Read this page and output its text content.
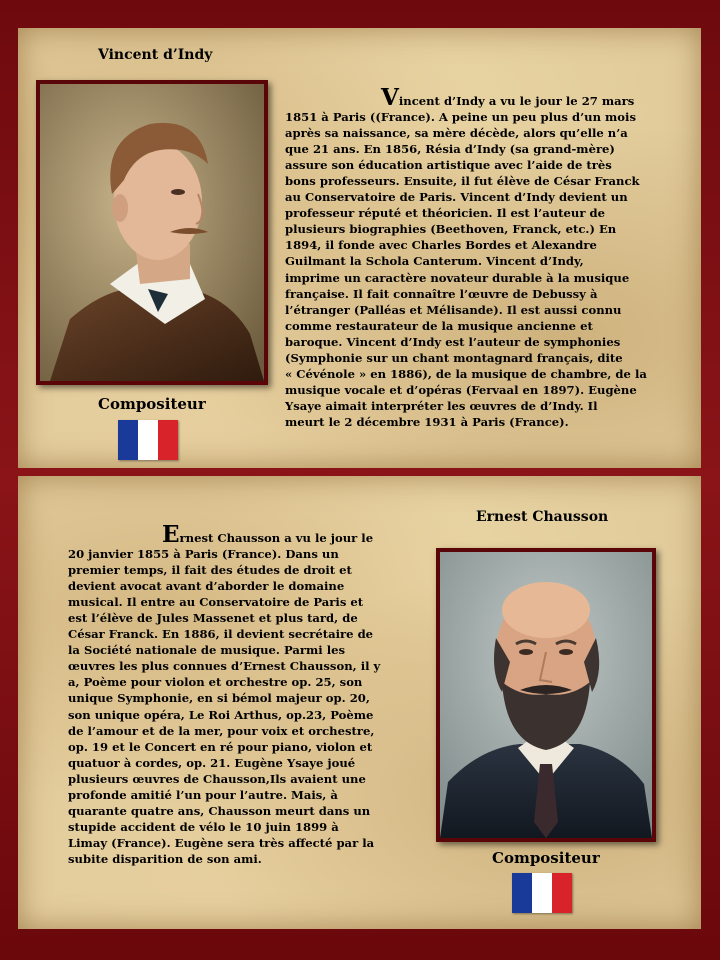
Vincent d’Indy
Compositeur
Vincent d’Indy a vu le jour le 27 mars
1851 à Paris ((France). A peine un peu plus d’un mois
après sa naissance, sa mère décède, alors qu’elle n’a
que 21 ans. En 1856, Résia d’Indy (sa grand-mère)
assure son éducation artistique avec l’aide de très
bons professeurs. Ensuite, il fut élève de César Franck
au Conservatoire de Paris. Vincent d’Indy devient un
professeur réputé et théoricien. Il est l’auteur de
plusieurs biographies (Beethoven, Franck, etc.) En
1894, il fonde avec Charles Bordes et Alexandre
Guilmant la Schola Canterum. Vincent d’Indy,
imprime un caractère novateur durable à la musique
française. Il fait connaître l’œuvre de Debussy à
l’étranger (Palléas et Mélisande). Il est aussi connu
comme restaurateur de la musique ancienne et
baroque. Vincent d’Indy est l’auteur de symphonies
(Symphonie sur un chant montagnard français, dite
« Cévénole » en 1886), de la musique de chambre, de la
musique vocale et d’opéras (Fervaal en 1897). Eugène
Ysaye aimait interpréter les œuvres de d’Indy. Il
meurt le 2 décembre 1931 à Paris (France).
Ernest Chausson
Ernest Chausson a vu le jour le
20 janvier 1855 à Paris (France). Dans un
premier temps, il fait des études de droit et
devient avocat avant d’aborder le domaine
musical. Il entre au Conservatoire de Paris et
est l’élève de Jules Massenet et plus tard, de
César Franck. En 1886, il devient secrétaire de
la Société nationale de musique. Parmi les
œuvres les plus connues d’Ernest Chausson, il y
a, Poème pour violon et orchestre op. 25, son
unique Symphonie, en si bémol majeur op. 20,
son unique opéra, Le Roi Arthus, op.23, Poème
de l’amour et de la mer, pour voix et orchestre,
op. 19 et le Concert en ré pour piano, violon et
quatuor à cordes, op. 21. Eugène Ysaye joué
plusieurs œuvres de Chausson,Ils avaient une
profonde amitié l’un pour l’autre. Mais, à
quarante quatre ans, Chausson meurt dans un
stupide accident de vélo le 10 juin 1899 à
Limay (France). Eugène sera très affecté par la
subite disparition de son ami.	Compositeur
